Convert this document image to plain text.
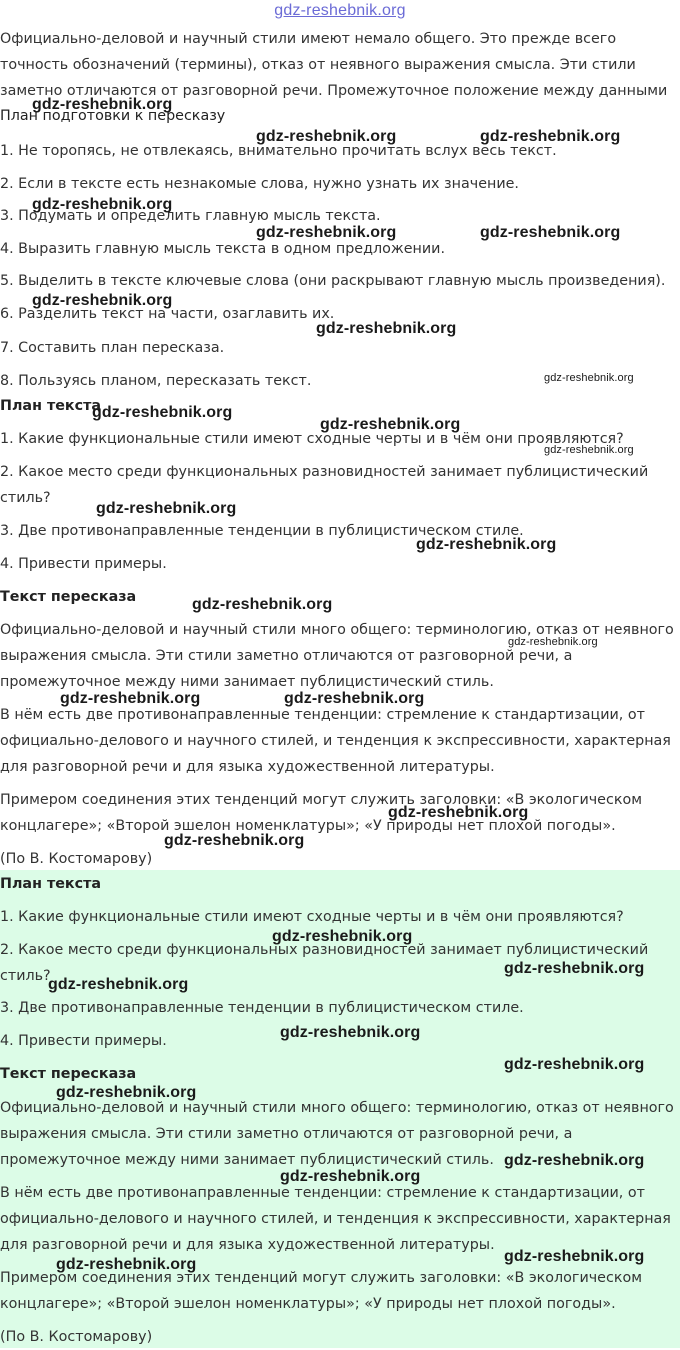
gdz-reshebnik.org

Официально-деловой и научный стили имеют немало общего. Это прежде всего точность обозначений (термины), отказ от неявного выражения смысла. Эти стили заметно отличаются от разговорной речи. Промежуточное положение между данными

План подготовки к пересказу

1. Не торопясь, не отвлекаясь, внимательно прочитать вслух весь текст.

2. Если в тексте есть незнакомые слова, нужно узнать их значение.

3. Подумать и определить главную мысль текста.

4. Выразить главную мысль текста в одном предложении.

5. Выделить в тексте ключевые слова (они раскрывают главную мысль произведения).

6. Разделить текст на части, озаглавить их.

7. Составить план пересказа.

8. Пользуясь планом, пересказать текст.

План текста

1. Какие функциональные стили имеют сходные черты и в чём они проявляются?

2. Какое место среди функциональных разновидностей занимает публицистический стиль?

3. Две противонаправленные тенденции в публицистическом стиле.

4. Привести примеры.

Текст пересказа

Официально-деловой и научный стили много общего: терминологию, отказ от неявного выражения смысла. Эти стили заметно отличаются от разговорной речи, а промежуточное между ними занимает публицистический стиль.

В нём есть две противонаправленные тенденции: стремление к стандартизации, от официально-делового и научного стилей, и тенденция к экспрессивности, характерная для разговорной речи и для языка художественной литературы.

Примером соединения этих тенденций могут служить заголовки: «В экологическом концлагере»; «Второй эшелон номенклатуры»; «У природы нет плохой погоды».

(По В. Костомарову)

План текста

1. Какие функциональные стили имеют сходные черты и в чём они проявляются?

2. Какое место среди функциональных разновидностей занимает публицистический стиль?

3. Две противонаправленные тенденции в публицистическом стиле.

4. Привести примеры.

Текст пересказа

Официально-деловой и научный стили много общего: терминологию, отказ от неявного выражения смысла. Эти стили заметно отличаются от разговорной речи, а промежуточное между ними занимает публицистический стиль.

В нём есть две противонаправленные тенденции: стремление к стандартизации, от официально-делового и научного стилей, и тенденция к экспрессивности, характерная для разговорной речи и для языка художественной литературы.

Примером соединения этих тенденций могут служить заголовки: «В экологическом концлагере»; «Второй эшелон номенклатуры»; «У природы нет плохой погоды».

(По В. Костомарову)

gdz-reshebnik.org
gdz-reshebnik.org	gdz-reshebnik.org
gdz-reshebnik.org
gdz-reshebnik.org	gdz-reshebnik.org
gdz-reshebnik.org
gdz-reshebnik.org
gdz-reshebnik.org
gdz-reshebnik.org
gdz-reshebnik.org
gdz-reshebnik.org
gdz-reshebnik.org
gdz-reshebnik.org
gdz-reshebnik.org
gdz-reshebnik.org
gdz-reshebnik.org	gdz-reshebnik.org
gdz-reshebnik.org
gdz-reshebnik.org
gdz-reshebnik.org
gdz-reshebnik.org
gdz-reshebnik.org
gdz-reshebnik.org
gdz-reshebnik.org
gdz-reshebnik.org
gdz-reshebnik.org
gdz-reshebnik.org
gdz-reshebnik.org
gdz-reshebnik.org
